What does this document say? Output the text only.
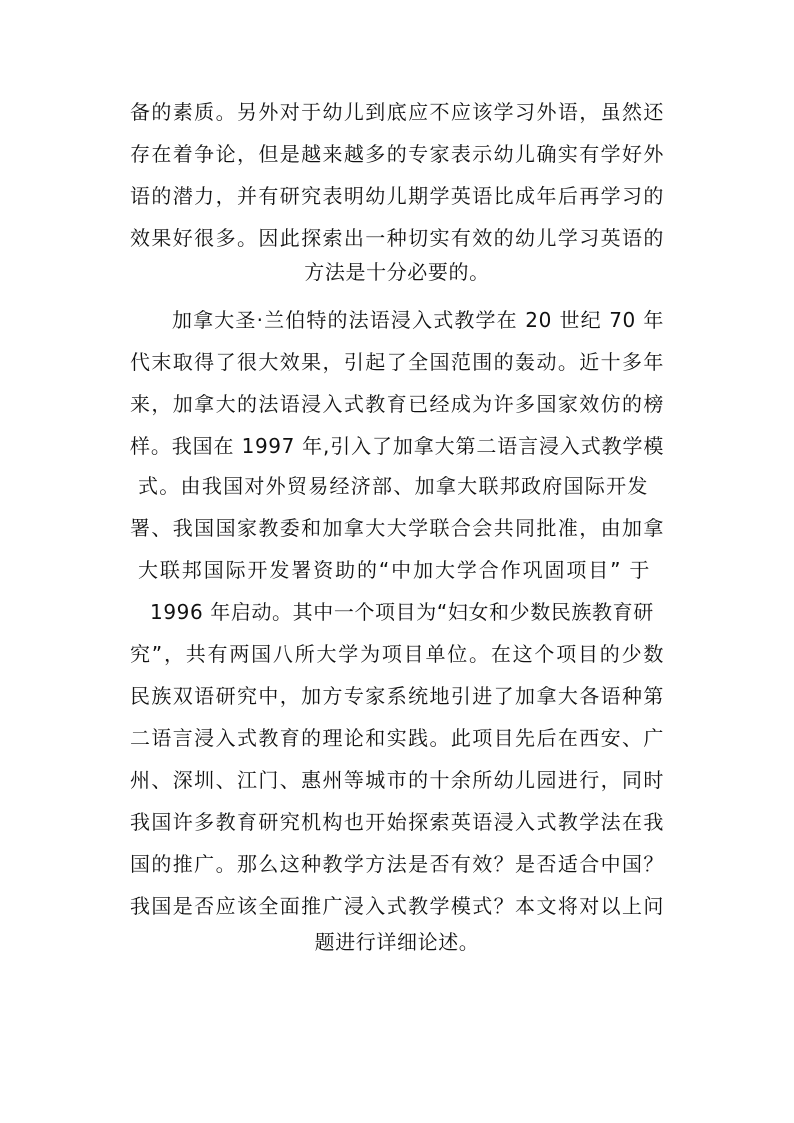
备的素质。另外对于幼儿到底应不应该学习外语，虽然还
存在着争论，但是越来越多的专家表示幼儿确实有学好外
语的潜力，并有研究表明幼儿期学英语比成年后再学习的
效果好很多。因此探索出一种切实有效的幼儿学习英语的
方法是十分必要的。
加拿大圣·兰伯特的法语浸入式教学在 20 世纪 70 年
代末取得了很大效果，引起了全国范围的轰动。近十多年
来，加拿大的法语浸入式教育已经成为许多国家效仿的榜
样。我国在 1997 年,引入了加拿大第二语言浸入式教学模
式。由我国对外贸易经济部、加拿大联邦政府国际开发
署、我国国家教委和加拿大大学联合会共同批准，由加拿
大联邦国际开发署资助的“中加大学合作巩固项目” 于
1996 年启动。其中一个项目为“妇女和少数民族教育研
究”，共有两国八所大学为项目单位。在这个项目的少数
民族双语研究中，加方专家系统地引进了加拿大各语种第
二语言浸入式教育的理论和实践。此项目先后在西安、广
州、深圳、江门、惠州等城市的十余所幼儿园进行，同时
我国许多教育研究机构也开始探索英语浸入式教学法在我
国的推广。那么这种教学方法是否有效？是否适合中国？
我国是否应该全面推广浸入式教学模式？本文将对以上问
题进行详细论述。
